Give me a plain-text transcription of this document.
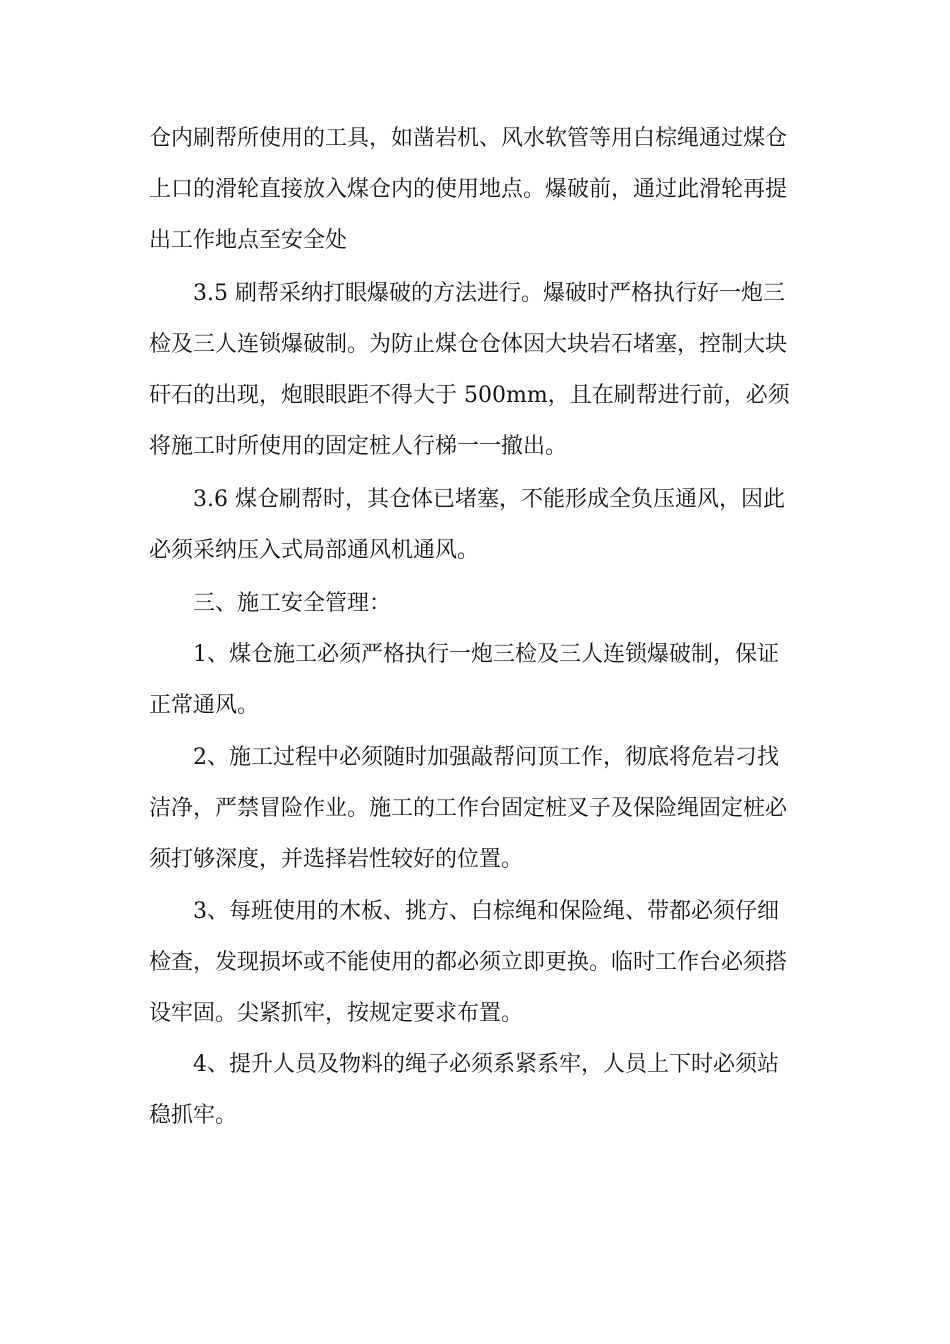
仓内刷帮所使用的工具，如凿岩机、风水软管等用白棕绳通过煤仓
上口的滑轮直接放入煤仓内的使用地点。爆破前，通过此滑轮再提
出工作地点至安全处
3.5 刷帮采纳打眼爆破的方法进行。爆破时严格执行好一炮三
检及三人连锁爆破制。为防止煤仓仓体因大块岩石堵塞，控制大块
矸石的出现，炮眼眼距不得大于 500mm，且在刷帮进行前，必须
将施工时所使用的固定桩人行梯一一撤出。
3.6 煤仓刷帮时，其仓体已堵塞，不能形成全负压通风，因此
必须采纳压入式局部通风机通风。
三、施工安全管理：
1、煤仓施工必须严格执行一炮三检及三人连锁爆破制，保证
正常通风。
2、施工过程中必须随时加强敲帮问顶工作，彻底将危岩刁找
洁净，严禁冒险作业。施工的工作台固定桩叉子及保险绳固定桩必
须打够深度，并选择岩性较好的位置。
3、每班使用的木板、挑方、白棕绳和保险绳、带都必须仔细
检查，发现损坏或不能使用的都必须立即更换。临时工作台必须搭
设牢固。尖紧抓牢，按规定要求布置。
4、提升人员及物料的绳子必须系紧系牢，人员上下时必须站
稳抓牢。
